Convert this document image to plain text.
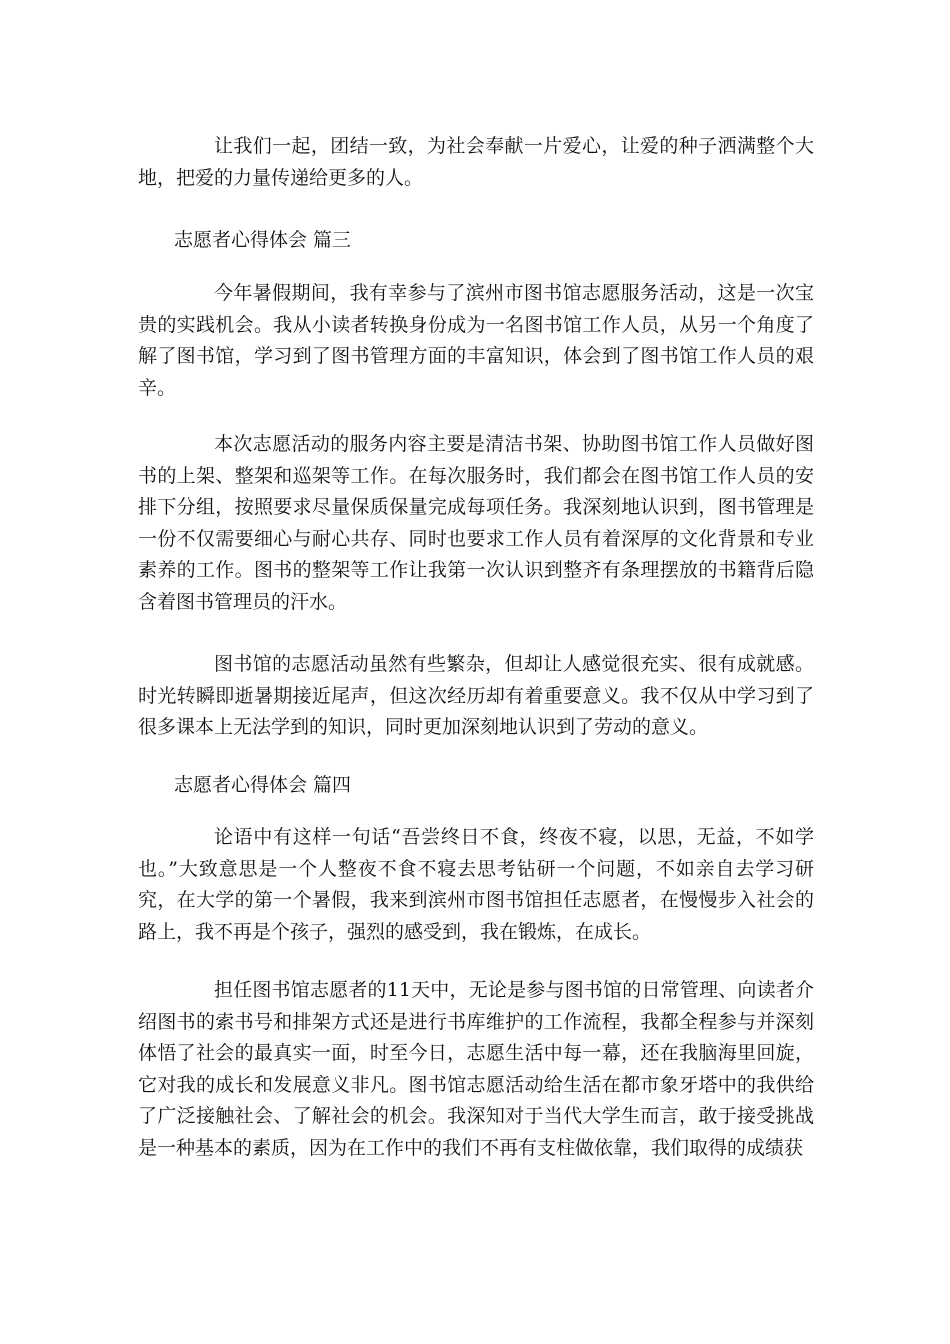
让我们一起，团结一致，为社会奉献一片爱心，让爱的种子洒满整个大地，把爱的力量传递给更多的人。

志愿者心得体会 篇三

今年暑假期间，我有幸参与了滨州市图书馆志愿服务活动，这是一次宝贵的实践机会。我从小读者转换身份成为一名图书馆工作人员，从另一个角度了解了图书馆，学习到了图书管理方面的丰富知识，体会到了图书馆工作人员的艰辛。

本次志愿活动的服务内容主要是清洁书架、协助图书馆工作人员做好图书的上架、整架和巡架等工作。在每次服务时，我们都会在图书馆工作人员的安排下分组，按照要求尽量保质保量完成每项任务。我深刻地认识到，图书管理是一份不仅需要细心与耐心共存、同时也要求工作人员有着深厚的文化背景和专业素养的工作。图书的整架等工作让我第一次认识到整齐有条理摆放的书籍背后隐含着图书管理员的汗水。

图书馆的志愿活动虽然有些繁杂，但却让人感觉很充实、很有成就感。时光转瞬即逝暑期接近尾声，但这次经历却有着重要意义。我不仅从中学习到了很多课本上无法学到的知识，同时更加深刻地认识到了劳动的意义。

志愿者心得体会 篇四

论语中有这样一句话“吾尝终日不食，终夜不寝，以思，无益，不如学也。”大致意思是一个人整夜不食不寝去思考钻研一个问题，不如亲自去学习研究，在大学的第一个暑假，我来到滨州市图书馆担任志愿者，在慢慢步入社会的路上，我不再是个孩子，强烈的感受到，我在锻炼，在成长。

担任图书馆志愿者的11天中，无论是参与图书馆的日常管理、向读者介绍图书的索书号和排架方式还是进行书库维护的工作流程，我都全程参与并深刻体悟了社会的最真实一面，时至今日，志愿生活中每一幕，还在我脑海里回旋，它对我的成长和发展意义非凡。图书馆志愿活动给生活在都市象牙塔中的我供给了广泛接触社会、了解社会的机会。我深知对于当代大学生而言，敢于接受挑战是一种基本的素质，因为在工作中的我们不再有支柱做依靠，我们取得的成绩获
